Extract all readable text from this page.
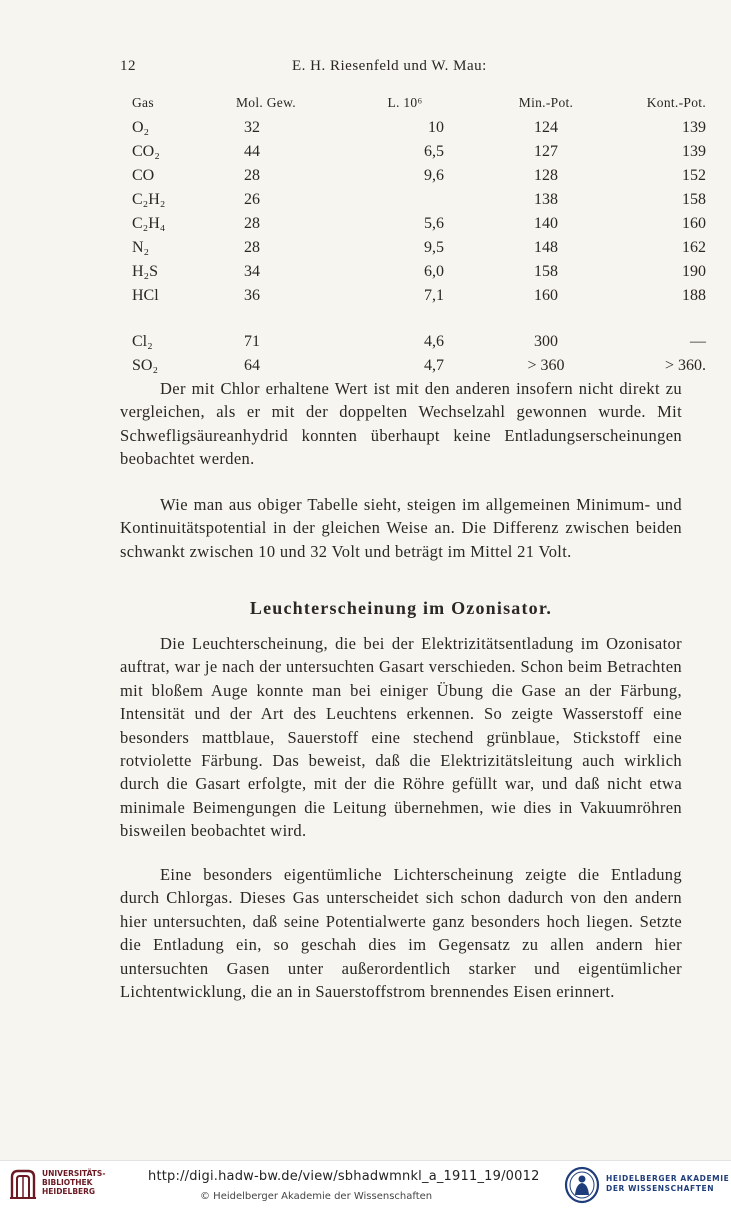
12	E. H. Riesenfeld und W. Mau:
Gas	Mol. Gew.	L. 10⁶	Min.-Pot.	Kont.-Pot.
O₂	32	10	124	139
CO₂	44	6,5	127	139
CO	28	9,6	128	152
C₂H₂	26		138	158
C₂H₄	28	5,6	140	160
N₂	28	9,5	148	162
H₂S	34	6,0	158	190
HCl	36	7,1	160	188

Cl₂	71	4,6	300	—
SO₂	64	4,7	> 360	> 360.

Der mit Chlor erhaltene Wert ist mit den anderen insofern nicht direkt zu vergleichen, als er mit der doppelten Wechselzahl gewonnen wurde. Mit Schwefligsäureanhydrid konnten überhaupt keine Entladungserscheinungen beobachtet werden.

Wie man aus obiger Tabelle sieht, steigen im allgemeinen Minimum- und Kontinuitätspotential in der gleichen Weise an. Die Differenz zwischen beiden schwankt zwischen 10 und 32 Volt und beträgt im Mittel 21 Volt.

Leuchterscheinung im Ozonisator.

Die Leuchterscheinung, die bei der Elektrizitätsentladung im Ozonisator auftrat, war je nach der untersuchten Gasart verschieden. Schon beim Betrachten mit bloßem Auge konnte man bei einiger Übung die Gase an der Färbung, Intensität und der Art des Leuchtens erkennen. So zeigte Wasserstoff eine besonders mattblaue, Sauerstoff eine stechend grünblaue, Stickstoff eine rotviolette Färbung. Das beweist, daß die Elektrizitätsleitung auch wirklich durch die Gasart erfolgte, mit der die Röhre gefüllt war, und daß nicht etwa minimale Beimengungen die Leitung übernehmen, wie dies in Vakuumröhren bisweilen beobachtet wird.

Eine besonders eigentümliche Lichterscheinung zeigte die Entladung durch Chlorgas. Dieses Gas unterscheidet sich schon dadurch von den andern hier untersuchten, daß seine Potentialwerte ganz besonders hoch liegen. Setzte die Entladung ein, so geschah dies im Gegensatz zu allen andern hier untersuchten Gasen unter außerordentlich starker und eigentümlicher Lichtentwicklung, die an in Sauerstoffstrom brennendes Eisen erinnert.

UNIVERSITÄTS-
BIBLIOTHEK
HEIDELBERG
http://digi.hadw-bw.de/view/sbhadwmnkl_a_1911_19/0012
© Heidelberger Akademie der Wissenschaften
HEIDELBERGER AKADEMIE
DER WISSENSCHAFTEN
